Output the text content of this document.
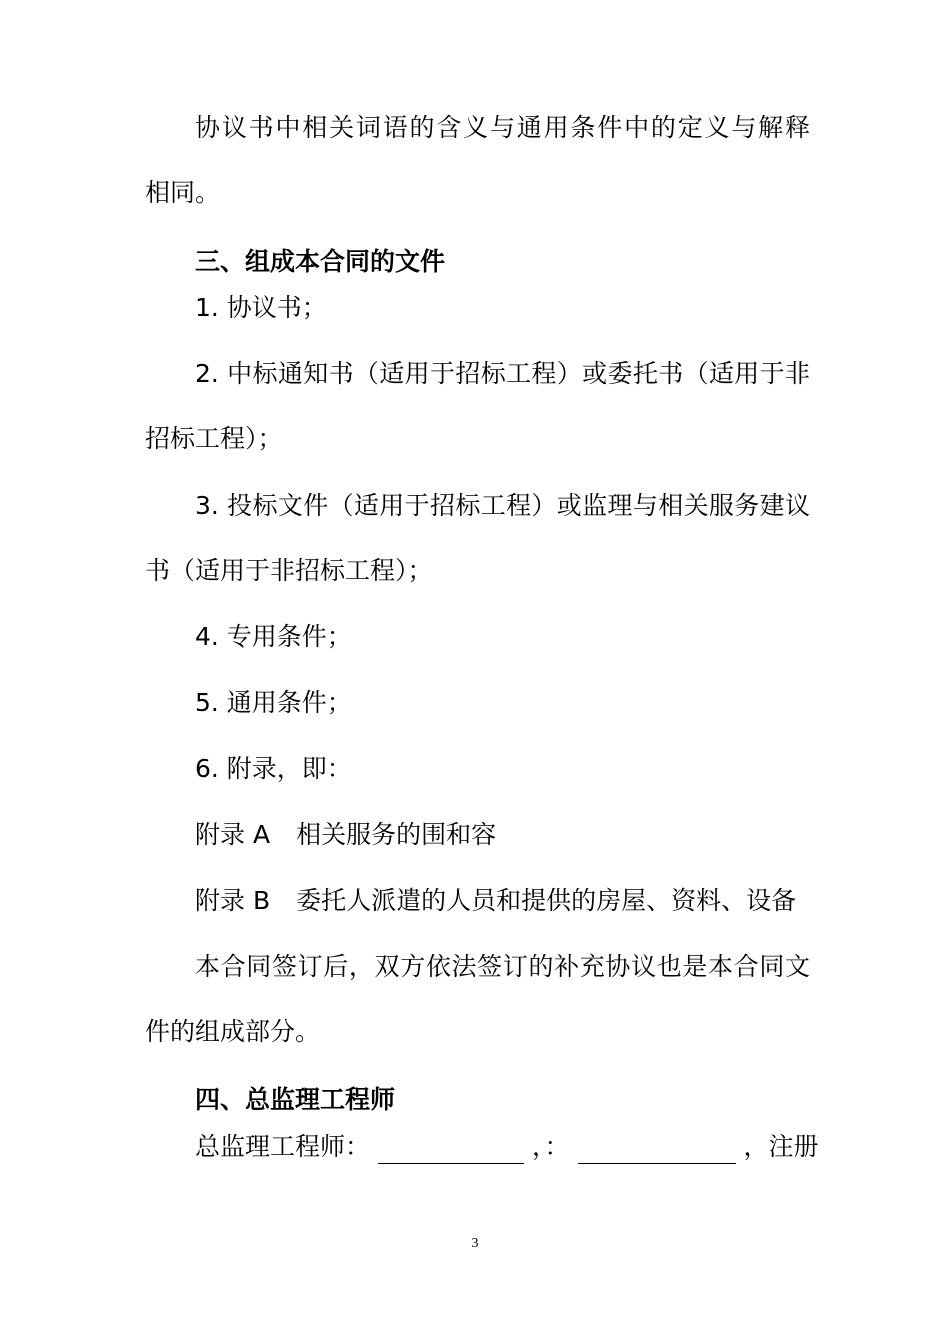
协议书中相关词语的含义与通用条件中的定义与解释
相同。
三、组成本合同的文件
1. 协议书；
2. 中标通知书（适用于招标工程）或委托书（适用于非
招标工程）；
3. 投标文件（适用于招标工程）或监理与相关服务建议
书（适用于非招标工程）；
4. 专用条件；
5. 通用条件；
6. 附录，即：
附录 A 相关服务的围和容
附录 B 委托人派遣的人员和提供的房屋、资料、设备
本合同签订后，双方依法签订的补充协议也是本合同文
件的组成部分。
四、总监理工程师
总监理工程师：	，：	，注册
3
